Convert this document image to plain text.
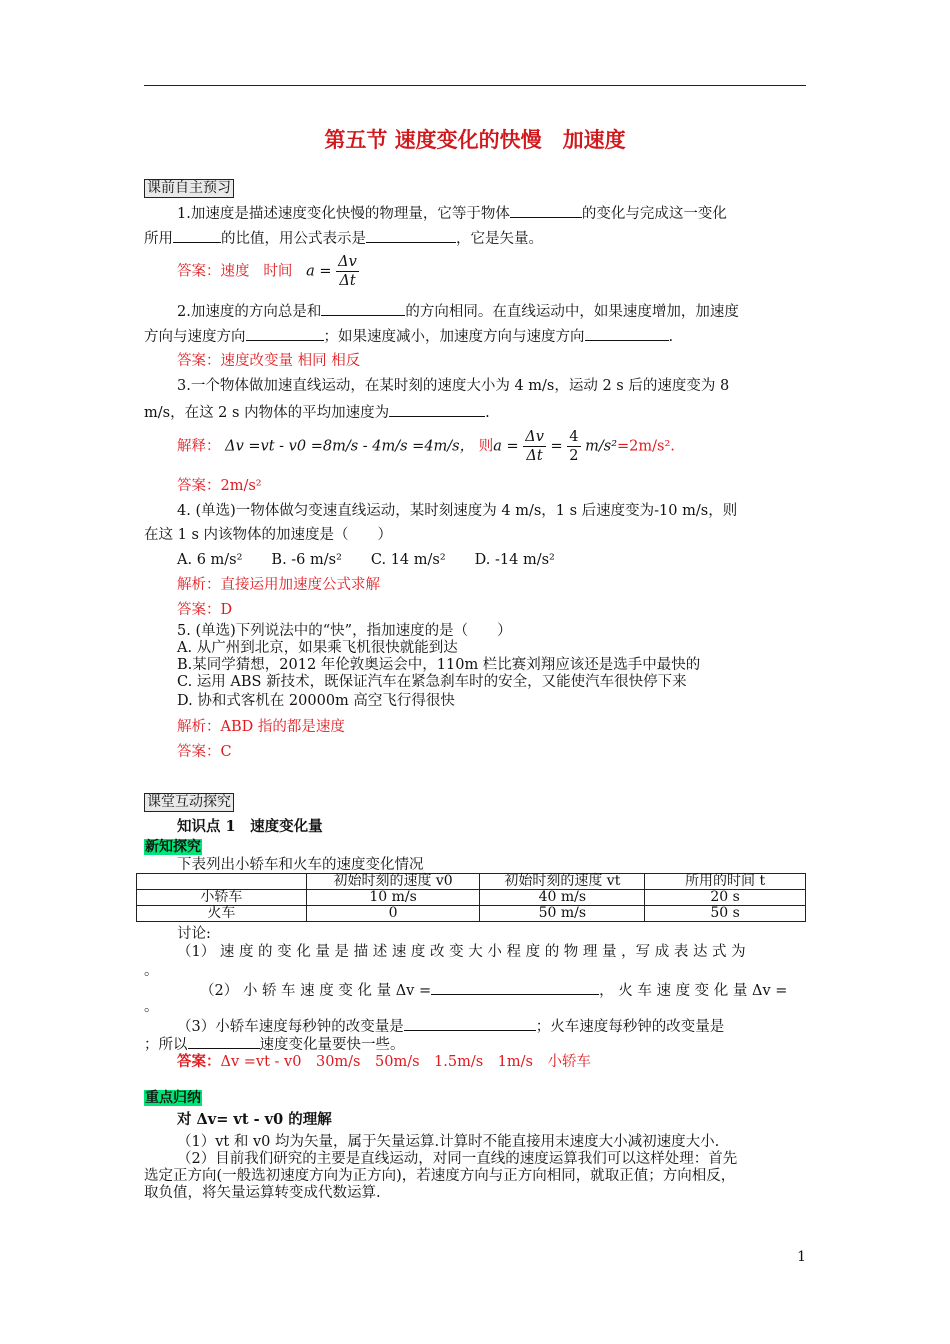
第五节 速度变化的快慢　加速度
课前自主预习
1.加速度是描述速度变化快慢的物理量，它等于物体	的变化与完成这一变化
所用	的比值，用公式表示是	，它是矢量。
答案：速度 时间 $a = \frac{\Delta v}{\Delta t}$
2.加速度的方向总是和	的方向相同。在直线运动中，如果速度增加，加速度
方向与速度方向	；如果速度减小，加速度方向与速度方向	.
答案：速度改变量 相同 相反
3.一个物体做加速直线运动，在某时刻的速度大小为 4 m/s，运动 2 s 后的速度变为 8
m/s，在这 2 s 内物体的平均加速度为	.
解释： Δv =vt - v0 =8m/s - 4m/s =4m/s， 则$a = \frac{\Delta v}{\Delta t} = \frac{4}{2} m/s^2=2m/s^2$.
答案：2m/s²
4. (单选)一物体做匀变速直线运动，某时刻速度为 4 m/s，1 s 后速度变为-10 m/s，则
在这 1 s 内该物体的加速度是（　　）
A. 6 m/s²　　B. -6 m/s²　　C. 14 m/s²　　D. -14 m/s²
解析：直接运用加速度公式求解
答案：D
5. (单选)下列说法中的“快”，指加速度的是（　　）
A. 从广州到北京，如果乘飞机很快就能到达
B.某同学猜想，2012 年伦敦奥运会中，110m 栏比赛刘翔应该还是选手中最快的
C. 运用 ABS 新技术，既保证汽车在紧急刹车时的安全，又能使汽车很快停下来
D. 协和式客机在 20000m 高空飞行得很快
解析：ABD 指的都是速度
答案：C
课堂互动探究
知识点 1　速度变化量
新知探究
下表列出小轿车和火车的速度变化情况
	初始时刻的速度 v0	初始时刻的速度 vt	所用的时间 t
小轿车	10 m/s	40 m/s	20 s
火车	0	50 m/s	50 s
讨论:
（1） 速 度 的 变 化 量 是 描 述 速 度 改 变 大 小 程 度 的 物 理 量 ，写 成 表 达 式 为
。
（2） 小 轿 车 速 度 变 化 量 Δv =	， 火 车 速 度 变 化 量 Δv =
。
（3）小轿车速度每秒钟的改变量是	；火车速度每秒钟的改变量是
；所以	速度变化量要快一些。
答案：Δv =vt - v0　30m/s　50m/s　1.5m/s　1m/s　小轿车
重点归纳
对 Δv= vt - v0 的理解
（1）vt 和 v0 均为矢量，属于矢量运算.计算时不能直接用末速度大小减初速度大小.
（2）目前我们研究的主要是直线运动，对同一直线的速度运算我们可以这样处理：首先
选定正方向(一般选初速度方向为正方向)，若速度方向与正方向相同，就取正值；方向相反，
取负值，将矢量运算转变成代数运算.
1
